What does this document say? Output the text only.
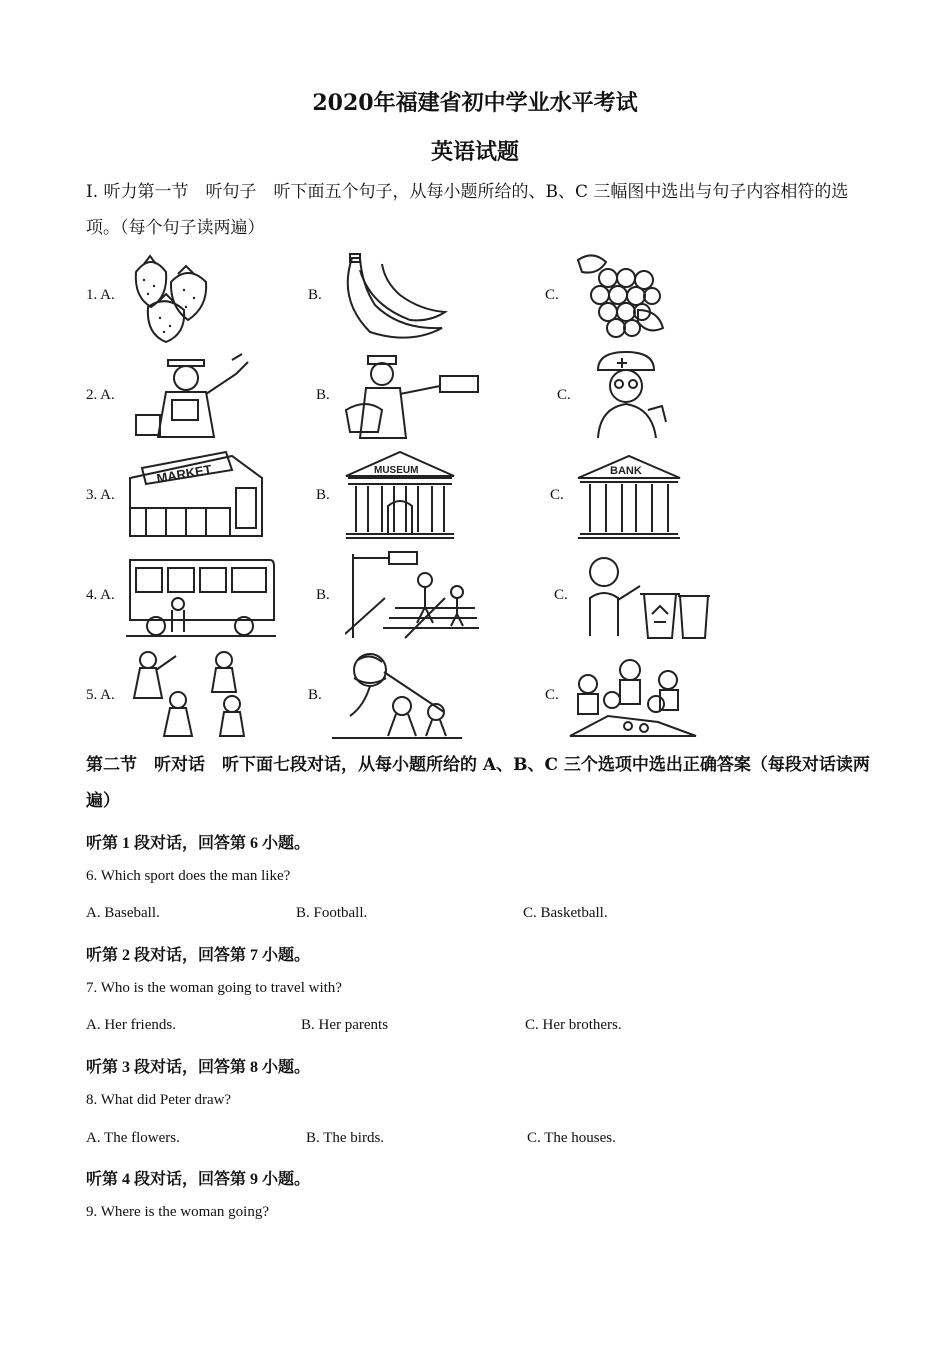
2020年福建省初中学业水平考试
英语试题
Ⅰ. 听力第一节　听句子　听下面五个句子，从每小题所给的、B、C 三幅图中选出与句子内容相符的选项。（每个句子读两遍）
1. A.	B.	C.
2. A.	B.	C.
3. A.	B.	C.
MARKET	MUSEUM	BANK
4. A.	B.	C.
5. A.	B.	C.
第二节　听对话　听下面七段对话，从每小题所给的 A、B、C 三个选项中选出正确答案（每段对话读两遍）
听第 1 段对话，回答第 6 小题。
6. Which sport does the man like?
A. Baseball.	B. Football.	C. Basketball.
听第 2 段对话，回答第 7 小题。
7. Who is the woman going to travel with?
A. Her friends.	B. Her parents	C. Her brothers.
听第 3 段对话，回答第 8 小题。
8. What did Peter draw?
A. The flowers.	B. The birds.	C. The houses.
听第 4 段对话，回答第 9 小题。
9. Where is the woman going?
